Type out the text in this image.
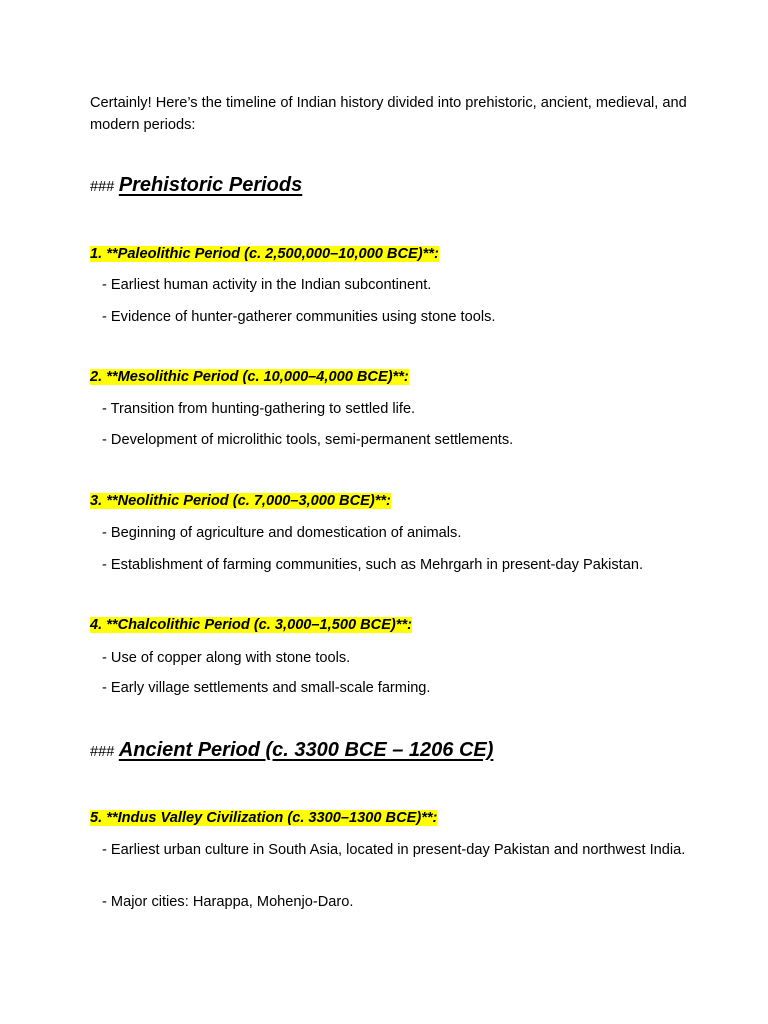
Certainly! Here’s the timeline of Indian history divided into prehistoric, ancient, medieval, and modern periods:
### Prehistoric Periods
1. **Paleolithic Period (c. 2,500,000–10,000 BCE)**:
- Earliest human activity in the Indian subcontinent.
- Evidence of hunter-gatherer communities using stone tools.
2. **Mesolithic Period (c. 10,000–4,000 BCE)**:
- Transition from hunting-gathering to settled life.
- Development of microlithic tools, semi-permanent settlements.
3. **Neolithic Period (c. 7,000–3,000 BCE)**:
- Beginning of agriculture and domestication of animals.
- Establishment of farming communities, such as Mehrgarh in present-day Pakistan.
4. **Chalcolithic Period (c. 3,000–1,500 BCE)**:
- Use of copper along with stone tools.
- Early village settlements and small-scale farming.
### Ancient Period (c. 3300 BCE – 1206 CE)
5. **Indus Valley Civilization (c. 3300–1300 BCE)**:
- Earliest urban culture in South Asia, located in present-day Pakistan and northwest India.
- Major cities: Harappa, Mohenjo-Daro.
